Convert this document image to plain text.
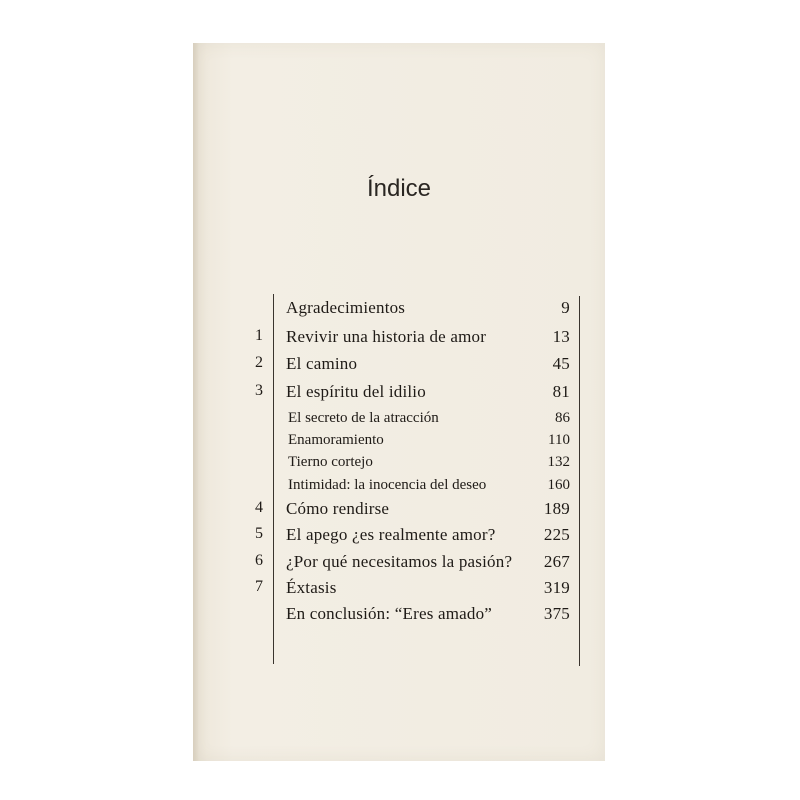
Índice
Agradecimientos	9
1 Revivir una historia de amor	13
2 El camino	45
3 El espíritu del idilio	81
El secreto de la atracción	86
Enamoramiento	110
Tierno cortejo	132
Intimidad: la inocencia del deseo	160
4 Cómo rendirse	189
5 El apego ¿es realmente amor?	225
6 ¿Por qué necesitamos la pasión? 267
7 Éxtasis	319
En conclusión: “Eres amado”	375
